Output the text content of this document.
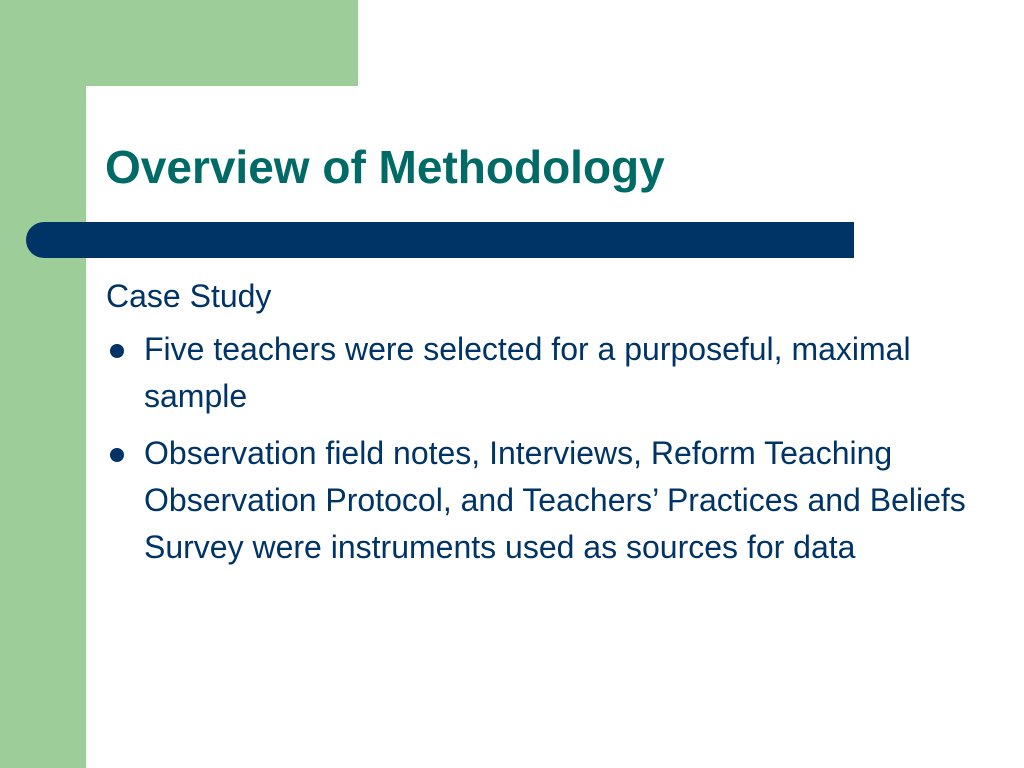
Overview of Methodology

Case Study

Five teachers were selected for a purposeful, maximal sample
Observation field notes, Interviews, Reform Teaching Observation Protocol, and Teachers’ Practices and Beliefs Survey were instruments used as sources for data
